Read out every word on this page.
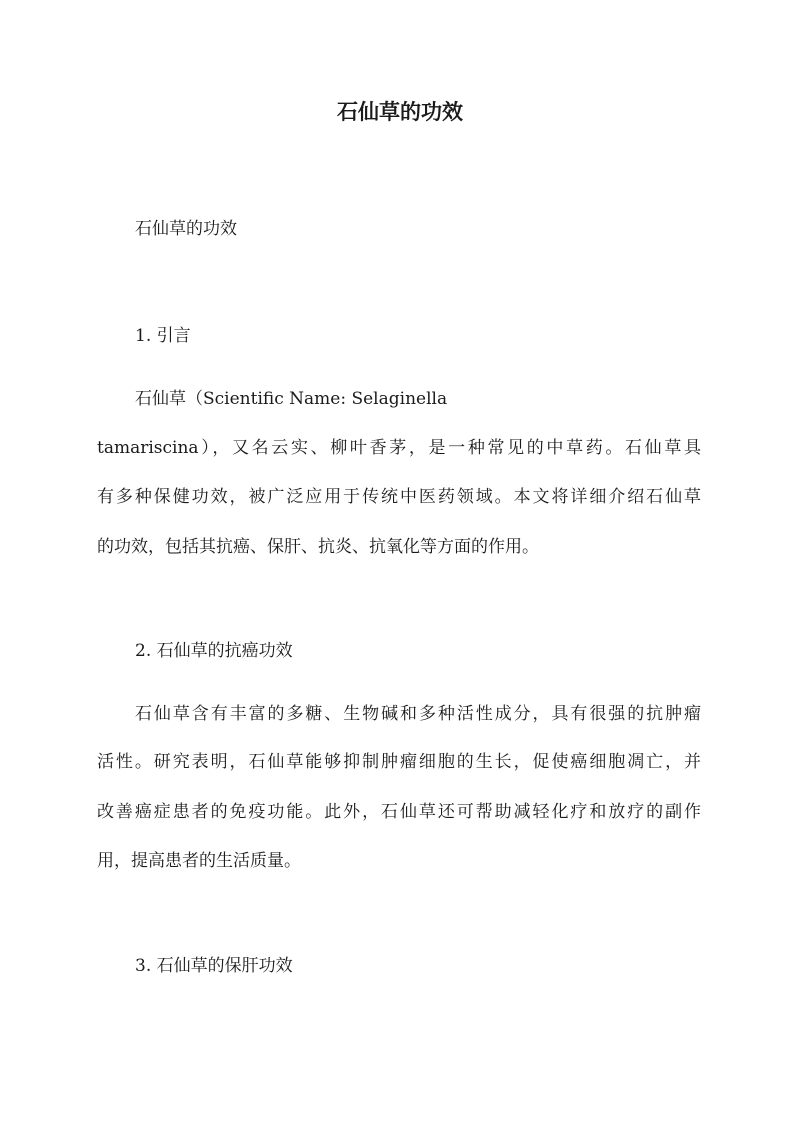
石仙草的功效

石仙草的功效

1. 引言

石仙草（Scientific Name: Selaginella

tamariscina），又名云实、柳叶香茅，是一种常见的中草药。石仙草具

有多种保健功效，被广泛应用于传统中医药领域。本文将详细介绍石仙草

的功效，包括其抗癌、保肝、抗炎、抗氧化等方面的作用。

2. 石仙草的抗癌功效

石仙草含有丰富的多糖、生物碱和多种活性成分，具有很强的抗肿瘤

活性。研究表明，石仙草能够抑制肿瘤细胞的生长，促使癌细胞凋亡，并

改善癌症患者的免疫功能。此外，石仙草还可帮助减轻化疗和放疗的副作

用，提高患者的生活质量。

3. 石仙草的保肝功效
